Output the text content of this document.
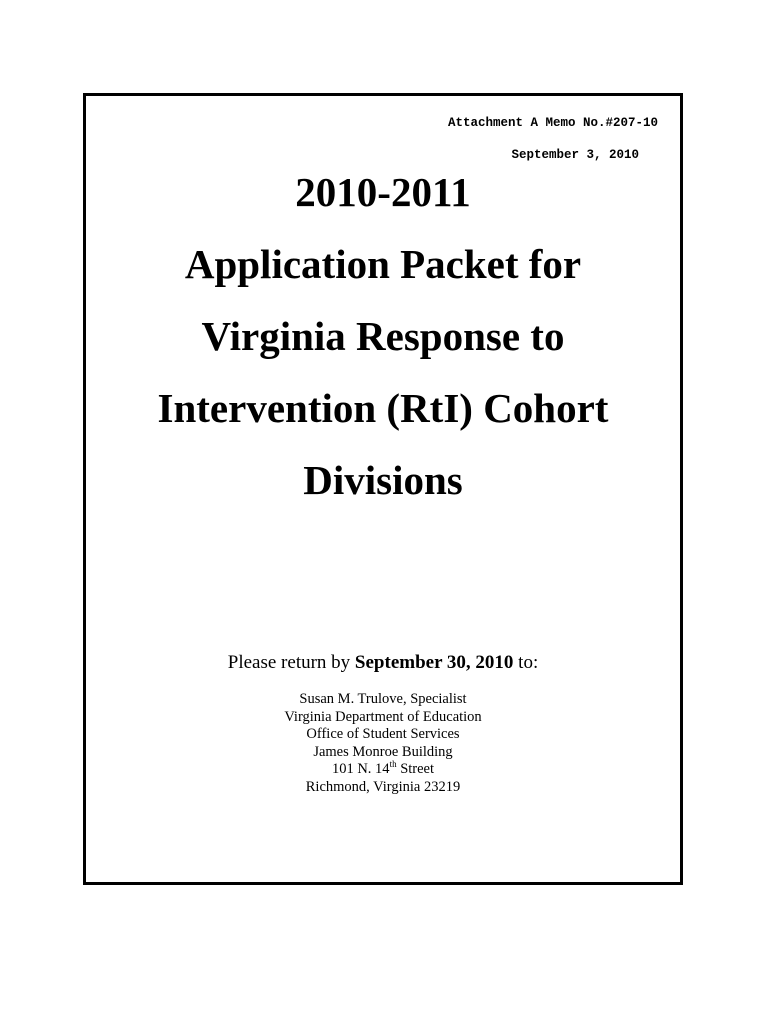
Attachment A Memo No.#207-10

September 3, 2010

2010-2011
Application Packet for
Virginia Response to
Intervention (RtI) Cohort
Divisions
Please return by September 30, 2010 to:
Susan M. Trulove, Specialist
Virginia Department of Education
Office of Student Services
James Monroe Building
101 N. 14th Street
Richmond, Virginia 23219
